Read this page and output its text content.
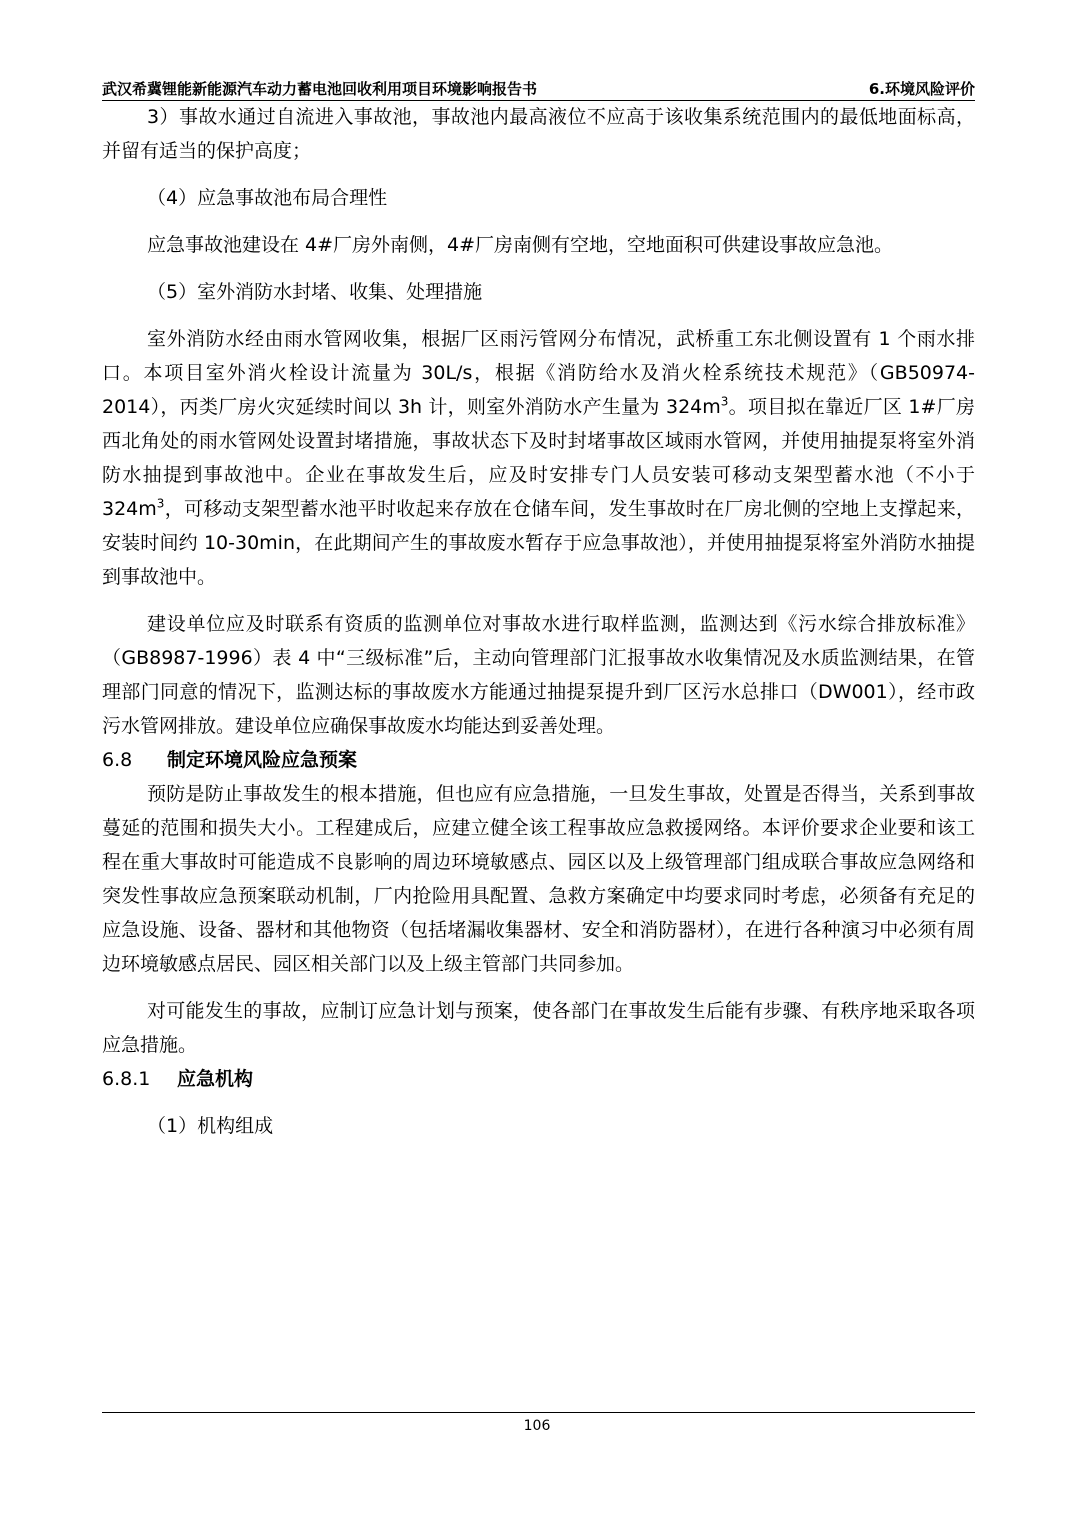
武汉希冀锂能新能源汽车动力蓄电池回收利用项目环境影响报告书	6.环境风险评价

3）事故水通过自流进入事故池，事故池内最高液位不应高于该收集系统范围内的最低地面标高，并留有适当的保护高度；

（4）应急事故池布局合理性

应急事故池建设在 4#厂房外南侧，4#厂房南侧有空地，空地面积可供建设事故应急池。

（5）室外消防水封堵、收集、处理措施

室外消防水经由雨水管网收集，根据厂区雨污管网分布情况，武桥重工东北侧设置有 1 个雨水排口。本项目室外消火栓设计流量为 30L/s，根据《消防给水及消火栓系统技术规范》（GB50974-2014），丙类厂房火灾延续时间以 3h 计，则室外消防水产生量为 $324m^3$。项目拟在靠近厂区 1#厂房西北角处的雨水管网处设置封堵措施，事故状态下及时封堵事故区域雨水管网，并使用抽提泵将室外消防水抽提到事故池中。企业在事故发生后，应及时安排专门人员安装可移动支架型蓄水池（不小于 $324m^3$，可移动支架型蓄水池平时收起来存放在仓储车间，发生事故时在厂房北侧的空地上支撑起来，安装时间约 10-30min，在此期间产生的事故废水暂存于应急事故池），并使用抽提泵将室外消防水抽提到事故池中。

建设单位应及时联系有资质的监测单位对事故水进行取样监测，监测达到《污水综合排放标准》（GB8987-1996）表 4 中“三级标准”后，主动向管理部门汇报事故水收集情况及水质监测结果，在管理部门同意的情况下，监测达标的事故废水方能通过抽提泵提升到厂区污水总排口（DW001），经市政污水管网排放。建设单位应确保事故废水均能达到妥善处理。

6.8 制定环境风险应急预案

预防是防止事故发生的根本措施，但也应有应急措施，一旦发生事故，处置是否得当，关系到事故蔓延的范围和损失大小。工程建成后，应建立健全该工程事故应急救援网络。本评价要求企业要和该工程在重大事故时可能造成不良影响的周边环境敏感点、园区以及上级管理部门组成联合事故应急网络和突发性事故应急预案联动机制，厂内抢险用具配置、急救方案确定中均要求同时考虑，必须备有充足的应急设施、设备、器材和其他物资（包括堵漏收集器材、安全和消防器材），在进行各种演习中必须有周边环境敏感点居民、园区相关部门以及上级主管部门共同参加。

对可能发生的事故，应制订应急计划与预案，使各部门在事故发生后能有步骤、有秩序地采取各项应急措施。

6.8.1 应急机构

（1）机构组成

106
